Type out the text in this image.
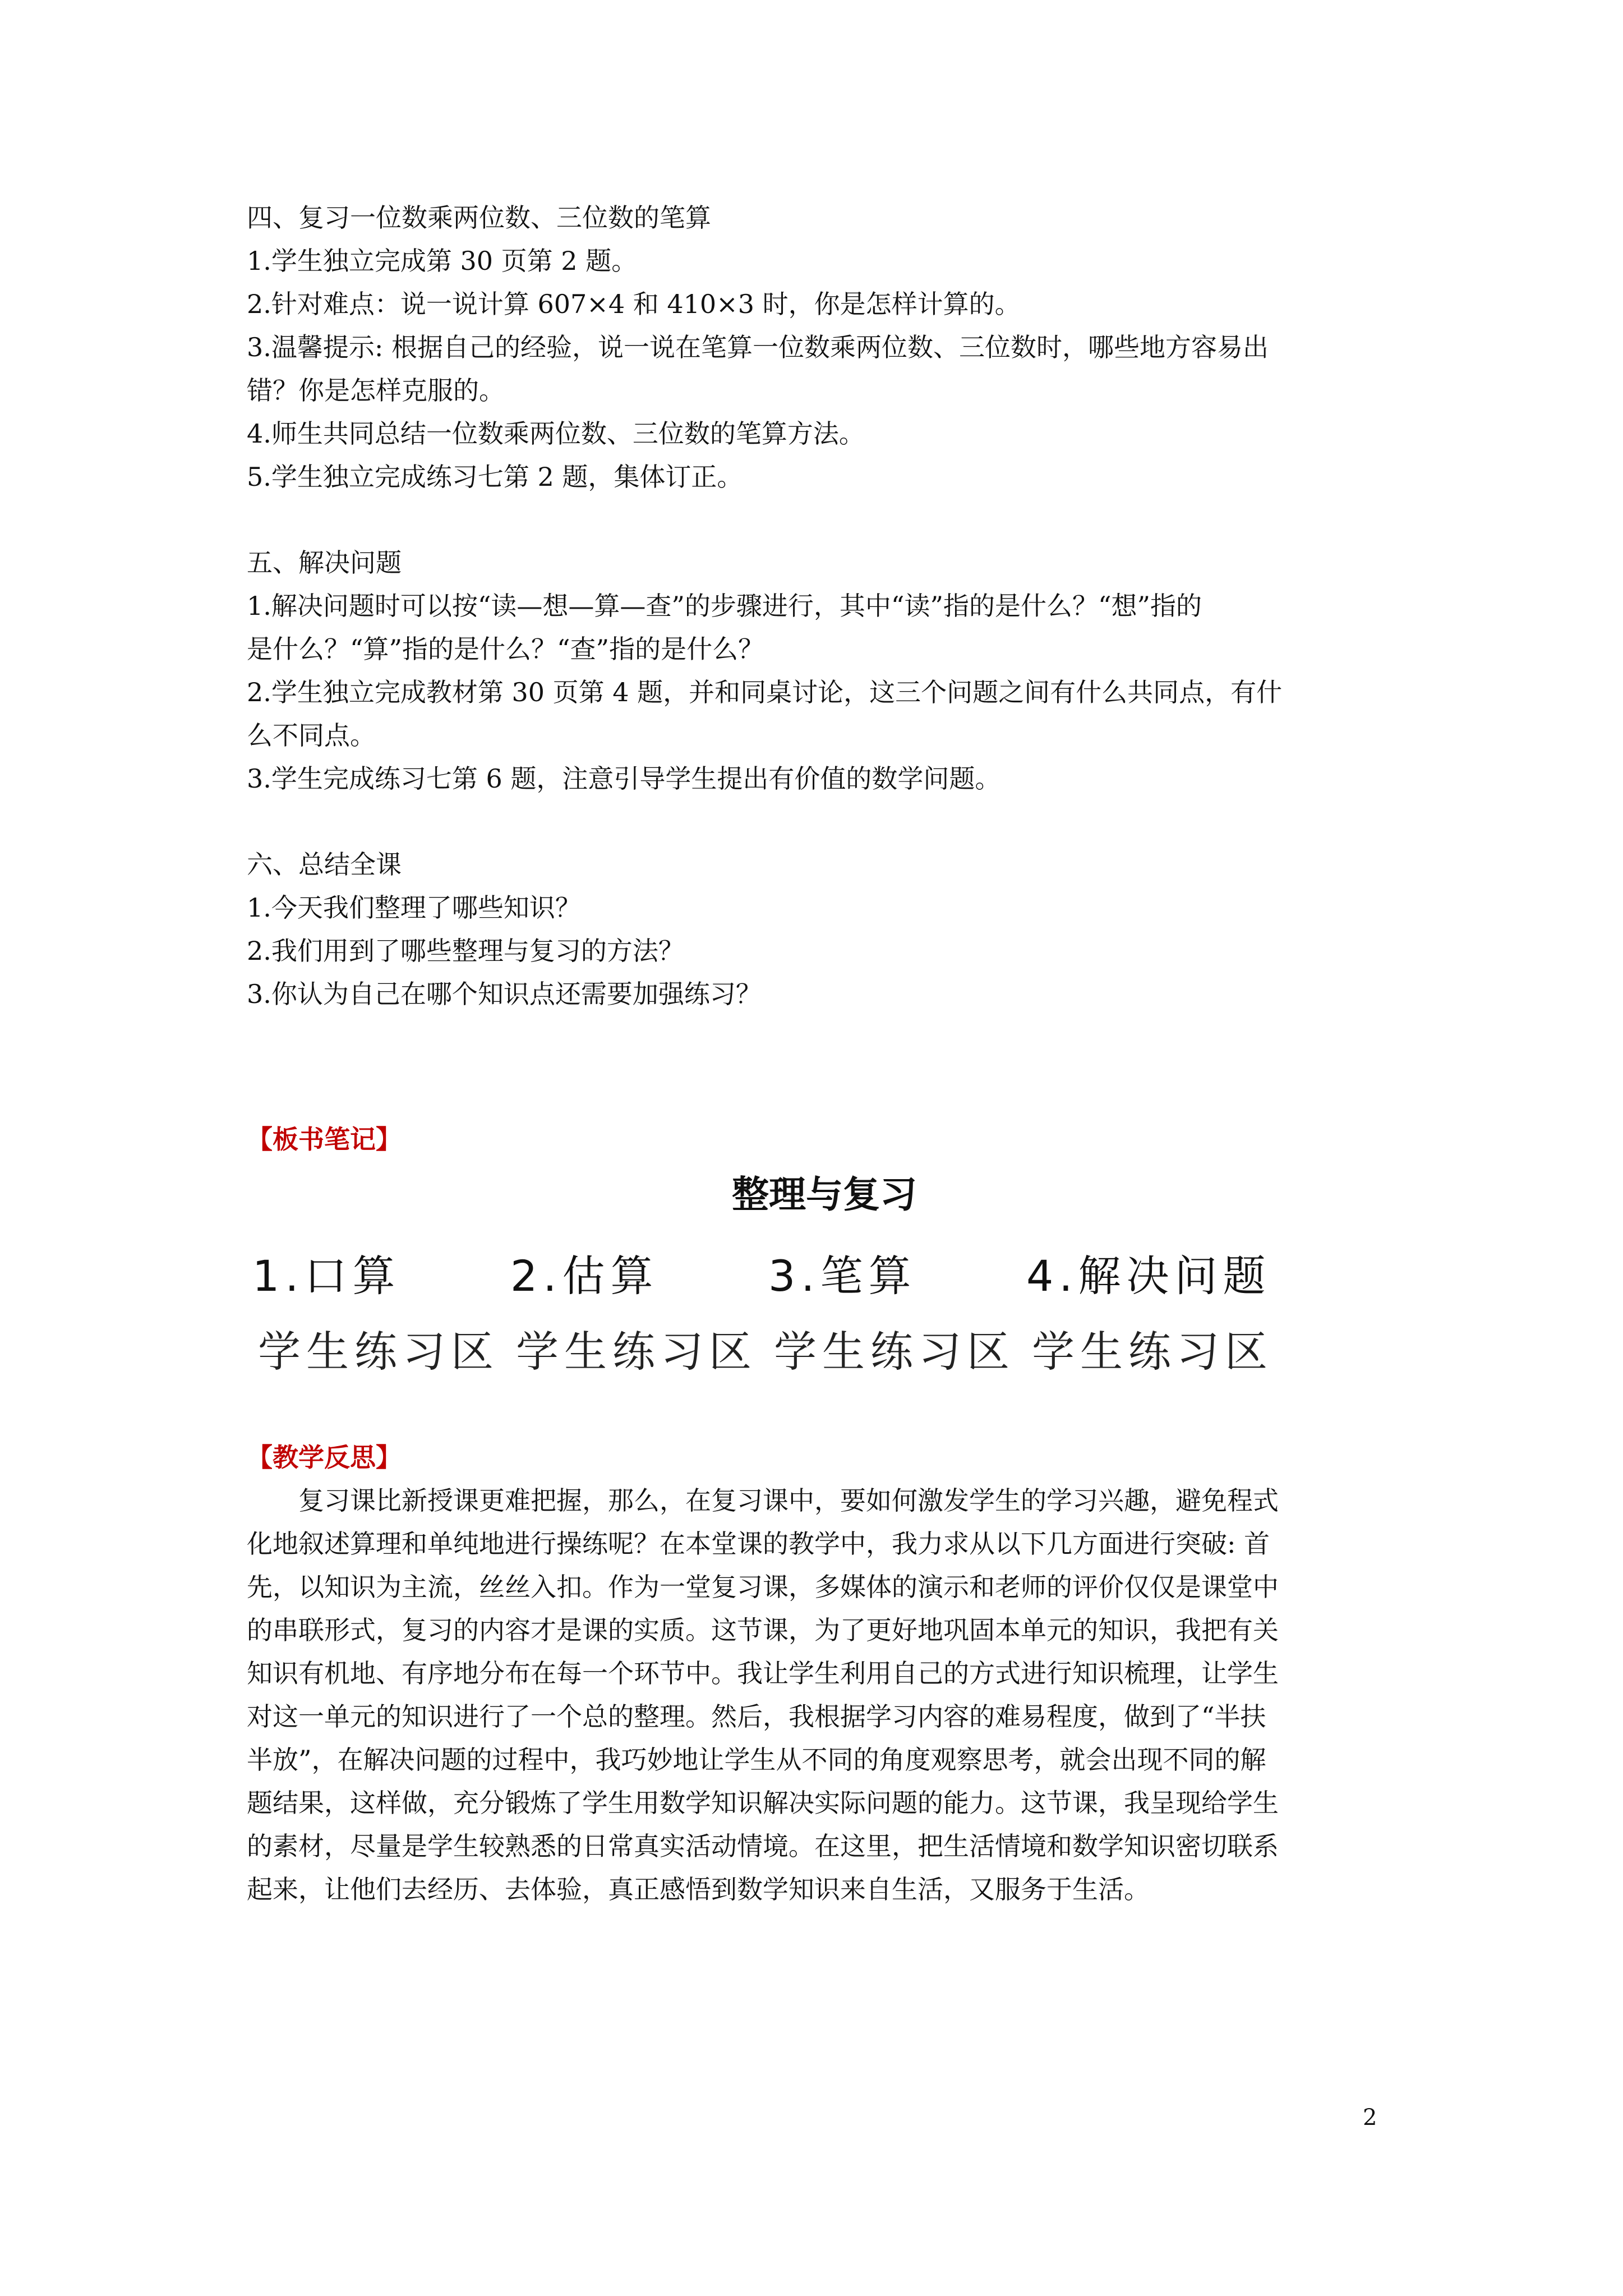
四、复习一位数乘两位数、三位数的笔算

1.学生独立完成第 30 页第 2 题。

2.针对难点：说一说计算 607×4 和 410×3 时，你是怎样计算的。

3.温馨提示: 根据自己的经验，说一说在笔算一位数乘两位数、三位数时，哪些地方容易出

错？你是怎样克服的。

4.师生共同总结一位数乘两位数、三位数的笔算方法。

5.学生独立完成练习七第 2 题，集体订正。

五、解决问题

1.解决问题时可以按“读—想—算—查”的步骤进行，其中“读”指的是什么？“想”指的

是什么？“算”指的是什么？“查”指的是什么？

2.学生独立完成教材第 30 页第 4 题，并和同桌讨论，这三个问题之间有什么共同点，有什

么不同点。

3.学生完成练习七第 6 题，注意引导学生提出有价值的数学问题。

六、总结全课

1.今天我们整理了哪些知识？

2.我们用到了哪些整理与复习的方法？

3.你认为自己在哪个知识点还需要加强练习？

【板书笔记】

整理与复习
1.口算	2.估算	3.笔算	4.解决问题
学生练习区 学生练习区 学生练习区 学生练习区

【教学反思】

复习课比新授课更难把握，那么，在复习课中，要如何激发学生的学习兴趣，避免程式

化地叙述算理和单纯地进行操练呢？在本堂课的教学中，我力求从以下几方面进行突破: 首

先，以知识为主流，丝丝入扣。作为一堂复习课，多媒体的演示和老师的评价仅仅是课堂中

的串联形式，复习的内容才是课的实质。这节课，为了更好地巩固本单元的知识，我把有关

知识有机地、有序地分布在每一个环节中。我让学生利用自己的方式进行知识梳理，让学生

对这一单元的知识进行了一个总的整理。然后，我根据学习内容的难易程度，做到了“半扶

半放”，在解决问题的过程中，我巧妙地让学生从不同的角度观察思考，就会出现不同的解

题结果，这样做，充分锻炼了学生用数学知识解决实际问题的能力。这节课，我呈现给学生

的素材，尽量是学生较熟悉的日常真实活动情境。在这里，把生活情境和数学知识密切联系

起来，让他们去经历、去体验，真正感悟到数学知识来自生活，又服务于生活。

2
